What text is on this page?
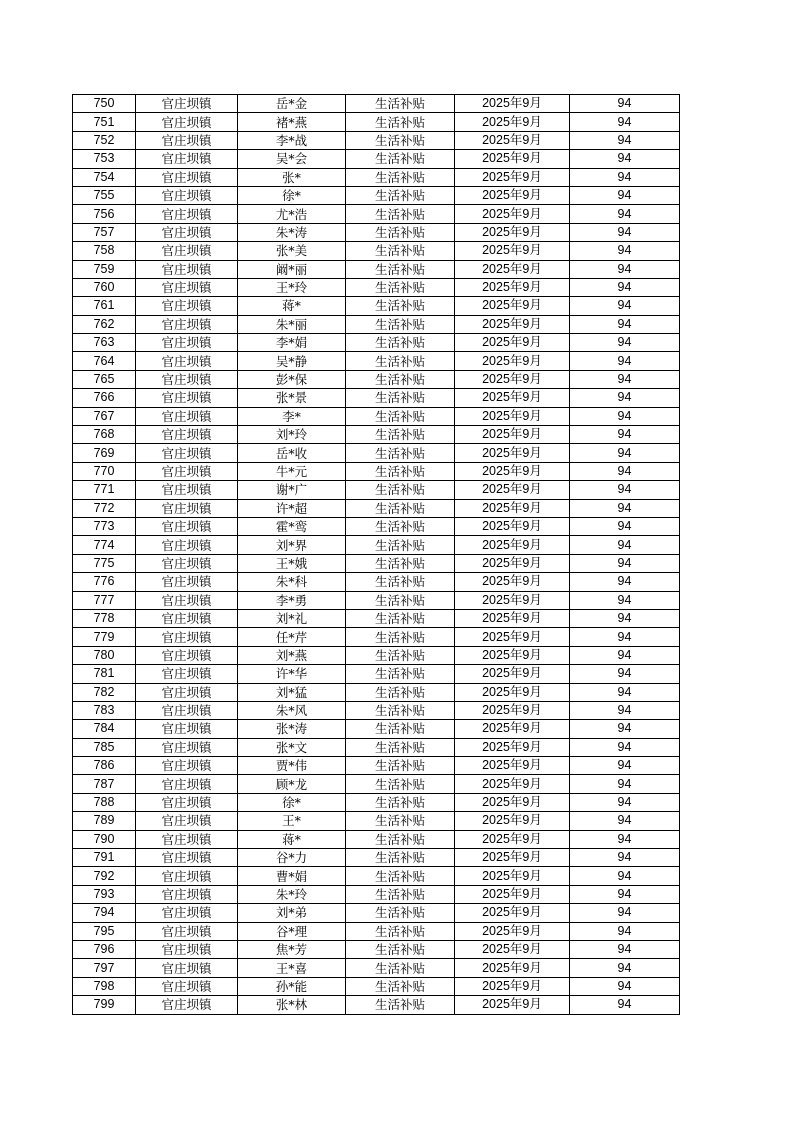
750	官庄坝镇	岳*金	生活补贴	2025年9月	94
751	官庄坝镇	褚*燕	生活补贴	2025年9月	94
752	官庄坝镇	李*战	生活补贴	2025年9月	94
753	官庄坝镇	吴*会	生活补贴	2025年9月	94
754	官庄坝镇	张*	生活补贴	2025年9月	94
755	官庄坝镇	徐*	生活补贴	2025年9月	94
756	官庄坝镇	尤*浩	生活补贴	2025年9月	94
757	官庄坝镇	朱*涛	生活补贴	2025年9月	94
758	官庄坝镇	张*美	生活补贴	2025年9月	94
759	官庄坝镇	阚*丽	生活补贴	2025年9月	94
760	官庄坝镇	王*玲	生活补贴	2025年9月	94
761	官庄坝镇	蒋*	生活补贴	2025年9月	94
762	官庄坝镇	朱*丽	生活补贴	2025年9月	94
763	官庄坝镇	李*娟	生活补贴	2025年9月	94
764	官庄坝镇	吴*静	生活补贴	2025年9月	94
765	官庄坝镇	彭*保	生活补贴	2025年9月	94
766	官庄坝镇	张*景	生活补贴	2025年9月	94
767	官庄坝镇	李*	生活补贴	2025年9月	94
768	官庄坝镇	刘*玲	生活补贴	2025年9月	94
769	官庄坝镇	岳*收	生活补贴	2025年9月	94
770	官庄坝镇	牛*元	生活补贴	2025年9月	94
771	官庄坝镇	谢*广	生活补贴	2025年9月	94
772	官庄坝镇	许*超	生活补贴	2025年9月	94
773	官庄坝镇	霍*鸾	生活补贴	2025年9月	94
774	官庄坝镇	刘*界	生活补贴	2025年9月	94
775	官庄坝镇	王*娥	生活补贴	2025年9月	94
776	官庄坝镇	朱*科	生活补贴	2025年9月	94
777	官庄坝镇	李*勇	生活补贴	2025年9月	94
778	官庄坝镇	刘*礼	生活补贴	2025年9月	94
779	官庄坝镇	任*芹	生活补贴	2025年9月	94
780	官庄坝镇	刘*燕	生活补贴	2025年9月	94
781	官庄坝镇	许*华	生活补贴	2025年9月	94
782	官庄坝镇	刘*猛	生活补贴	2025年9月	94
783	官庄坝镇	朱*风	生活补贴	2025年9月	94
784	官庄坝镇	张*涛	生活补贴	2025年9月	94
785	官庄坝镇	张*文	生活补贴	2025年9月	94
786	官庄坝镇	贾*伟	生活补贴	2025年9月	94
787	官庄坝镇	顾*龙	生活补贴	2025年9月	94
788	官庄坝镇	徐*	生活补贴	2025年9月	94
789	官庄坝镇	王*	生活补贴	2025年9月	94
790	官庄坝镇	蒋*	生活补贴	2025年9月	94
791	官庄坝镇	谷*力	生活补贴	2025年9月	94
792	官庄坝镇	曹*娟	生活补贴	2025年9月	94
793	官庄坝镇	朱*玲	生活补贴	2025年9月	94
794	官庄坝镇	刘*弟	生活补贴	2025年9月	94
795	官庄坝镇	谷*理	生活补贴	2025年9月	94
796	官庄坝镇	焦*芳	生活补贴	2025年9月	94
797	官庄坝镇	王*喜	生活补贴	2025年9月	94
798	官庄坝镇	孙*能	生活补贴	2025年9月	94
799	官庄坝镇	张*林	生活补贴	2025年9月	94
